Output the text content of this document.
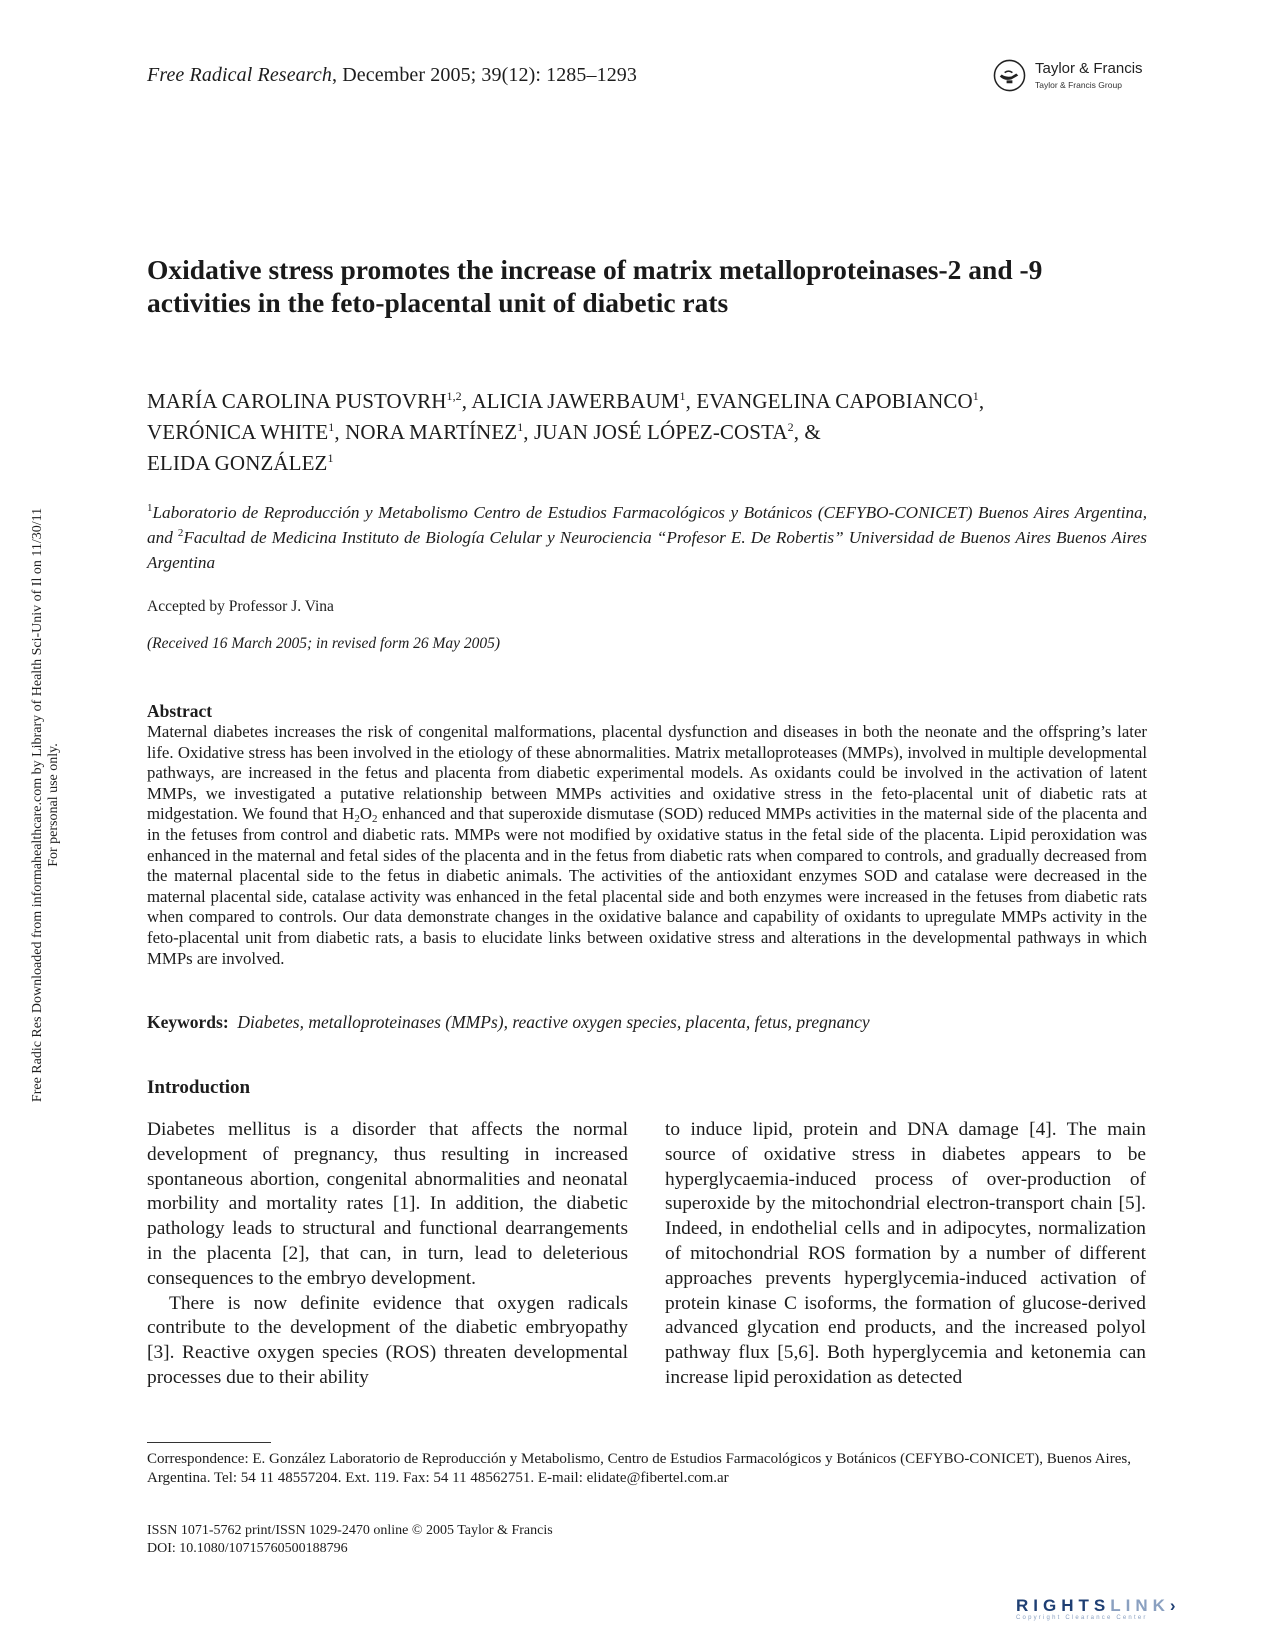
Free Radical Research, December 2005; 39(12): 1285–1293	Taylor & Francis
Taylor & Francis Group
Oxidative stress promotes the increase of matrix metalloproteinases-2 and -9 activities in the feto-placental unit of diabetic rats
MARÍA CAROLINA PUSTOVRH$^{1,2}$, ALICIA JAWERBAUM$^1$, EVANGELINA CAPOBIANCO$^1$,
VERÓNICA WHITE$^1$, NORA MARTÍNEZ$^1$, JUAN JOSÉ LÓPEZ-COSTA$^2$, &
ELIDA GONZÁLEZ$^1$
$^1$Laboratorio de Reproducción y Metabolismo Centro de Estudios Farmacológicos y Botánicos (CEFYBO-CONICET) Buenos Aires Argentina, and $^2$Facultad de Medicina Instituto de Biología Celular y Neurociencia “Profesor E. De Robertis” Universidad de Buenos Aires Buenos Aires Argentina
Accepted by Professor J. Vina
(Received 16 March 2005; in revised form 26 May 2005)
Abstract
Maternal diabetes increases the risk of congenital malformations, placental dysfunction and diseases in both the neonate and the offspring’s later life. Oxidative stress has been involved in the etiology of these abnormalities. Matrix metalloproteases (MMPs), involved in multiple developmental pathways, are increased in the fetus and placenta from diabetic experimental models. As oxidants could be involved in the activation of latent MMPs, we investigated a putative relationship between MMPs activities and oxidative stress in the feto-placental unit of diabetic rats at midgestation. We found that $H_2O_2$ enhanced and that superoxide dismutase (SOD) reduced MMPs activities in the maternal side of the placenta and in the fetuses from control and diabetic rats. MMPs were not modified by oxidative status in the fetal side of the placenta. Lipid peroxidation was enhanced in the maternal and fetal sides of the placenta and in the fetus from diabetic rats when compared to controls, and gradually decreased from the maternal placental side to the fetus in diabetic animals. The activities of the antioxidant enzymes SOD and catalase were decreased in the maternal placental side, catalase activity was enhanced in the fetal placental side and both enzymes were increased in the fetuses from diabetic rats when compared to controls. Our data demonstrate changes in the oxidative balance and capability of oxidants to upregulate MMPs activity in the feto-placental unit from diabetic rats, a basis to elucidate links between oxidative stress and alterations in the developmental pathways in which MMPs are involved.
Keywords: Diabetes, metalloproteinases (MMPs), reactive oxygen species, placenta, fetus, pregnancy
Introduction

Diabetes mellitus is a disorder that affects the normal development of pregnancy, thus resulting in increased spontaneous abortion, congenital abnormalities and neonatal morbility and mortality rates [1]. In addition, the diabetic pathology leads to structural and functional dearrangements in the placenta [2], that can, in turn, lead to deleterious consequences to the embryo development.

There is now definite evidence that oxygen radicals contribute to the development of the diabetic embryopathy [3]. Reactive oxygen species (ROS) threaten developmental processes due to their ability

to induce lipid, protein and DNA damage [4]. The main source of oxidative stress in diabetes appears to be hyperglycaemia-induced process of over-production of superoxide by the mitochondrial electron-transport chain [5]. Indeed, in endothelial cells and in adipocytes, normalization of mitochondrial ROS formation by a number of different approaches prevents hyperglycemia-induced activation of protein kinase C isoforms, the formation of glucose-derived advanced glycation end products, and the increased polyol pathway flux [5,6]. Both hyperglycemia and ketonemia can increase lipid peroxidation as detected

Correspondence: E. González Laboratorio de Reproducción y Metabolismo, Centro de Estudios Farmacológicos y Botánicos (CEFYBO-CONICET), Buenos Aires, Argentina. Tel: 54 11 48557204. Ext. 119. Fax: 54 11 48562751. E-mail: elidate@fibertel.com.ar
ISSN 1071-5762 print/ISSN 1029-2470 online © 2005 Taylor & Francis
DOI: 10.1080/10715760500188796
Free Radic Res Downloaded from informahealthcare.com by Library of Health Sci-Univ of Il on 11/30/11 For personal use only.
RIGHTSLINK›
Copyright Clearance Center
